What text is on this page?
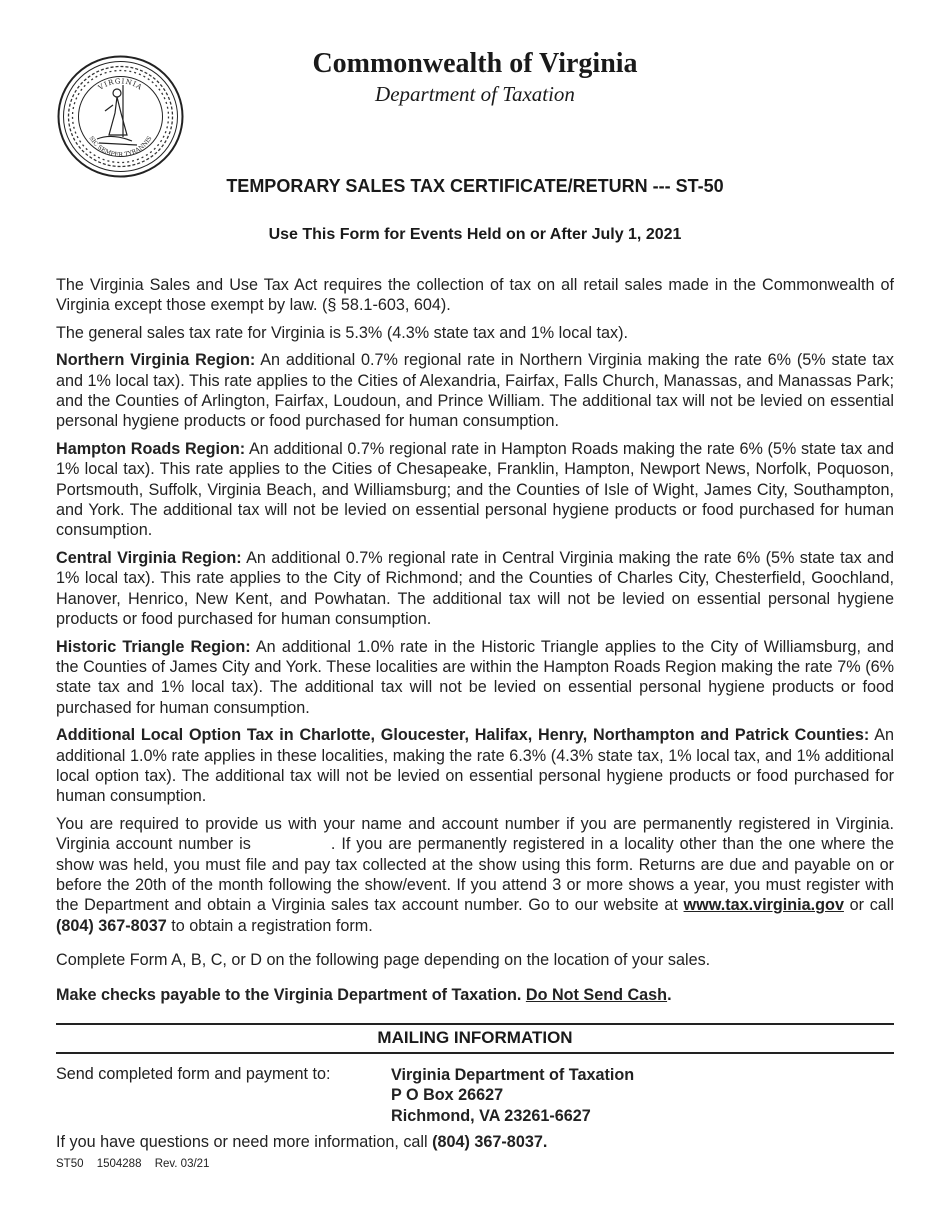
VIRGINIA
SIC SEMPER TYRANNIS
Commonwealth of Virginia
Department of Taxation
TEMPORARY SALES TAX CERTIFICATE/RETURN --- ST-50
Use This Form for Events Held on or After July 1, 2021

The Virginia Sales and Use Tax Act requires the collection of tax on all retail sales made in the Commonwealth of Virginia except those exempt by law. (§ 58.1-603, 604).

The general sales tax rate for Virginia is 5.3% (4.3% state tax and 1% local tax).

Northern Virginia Region: An additional 0.7% regional rate in Northern Virginia making the rate 6% (5% state tax and 1% local tax). This rate applies to the Cities of Alexandria, Fairfax, Falls Church, Manassas, and Manassas Park; and the Counties of Arlington, Fairfax, Loudoun, and Prince William. The additional tax will not be levied on essential personal hygiene products or food purchased for human consumption.

Hampton Roads Region: An additional 0.7% regional rate in Hampton Roads making the rate 6% (5% state tax and 1% local tax). This rate applies to the Cities of Chesapeake, Franklin, Hampton, Newport News, Norfolk, Poquoson, Portsmouth, Suffolk, Virginia Beach, and Williamsburg; and the Counties of Isle of Wight, James City, Southampton, and York. The additional tax will not be levied on essential personal hygiene products or food purchased for human consumption.

Central Virginia Region: An additional 0.7% regional rate in Central Virginia making the rate 6% (5% state tax and 1% local tax). This rate applies to the City of Richmond; and the Counties of Charles City, Chesterfield, Goochland, Hanover, Henrico, New Kent, and Powhatan. The additional tax will not be levied on essential personal hygiene products or food purchased for human consumption.

Historic Triangle Region: An additional 1.0% rate in the Historic Triangle applies to the City of Williamsburg, and the Counties of James City and York. These localities are within the Hampton Roads Region making the rate 7% (6% state tax and 1% local tax). The additional tax will not be levied on essential personal hygiene products or food purchased for human consumption.

Additional Local Option Tax in Charlotte, Gloucester, Halifax, Henry, Northampton and Patrick Counties: An additional 1.0% rate applies in these localities, making the rate 6.3% (4.3% state tax, 1% local tax, and 1% additional local option tax). The additional tax will not be levied on essential personal hygiene products or food purchased for human consumption.

You are required to provide us with your name and account number if you are permanently registered in Virginia. Virginia account number is	. If you are permanently registered in a locality other than the one where the show was held, you must file and pay tax collected at the show using this form. Returns are due and payable on or before the 20th of the month following the show/event. If you attend 3 or more shows a year, you must register with the Department and obtain a Virginia sales tax account number. Go to our website at www.tax.virginia.gov or call (804) 367-8037 to obtain a registration form.

Complete Form A, B, C, or D on the following page depending on the location of your sales.

Make checks payable to the Virginia Department of Taxation. Do Not Send Cash.

MAILING INFORMATION
Send completed form and payment to:	Virginia Department of Taxation
P O Box 26627
Richmond, VA 23261-6627
If you have questions or need more information, call (804) 367-8037.
ST50 1504288 Rev. 03/21
